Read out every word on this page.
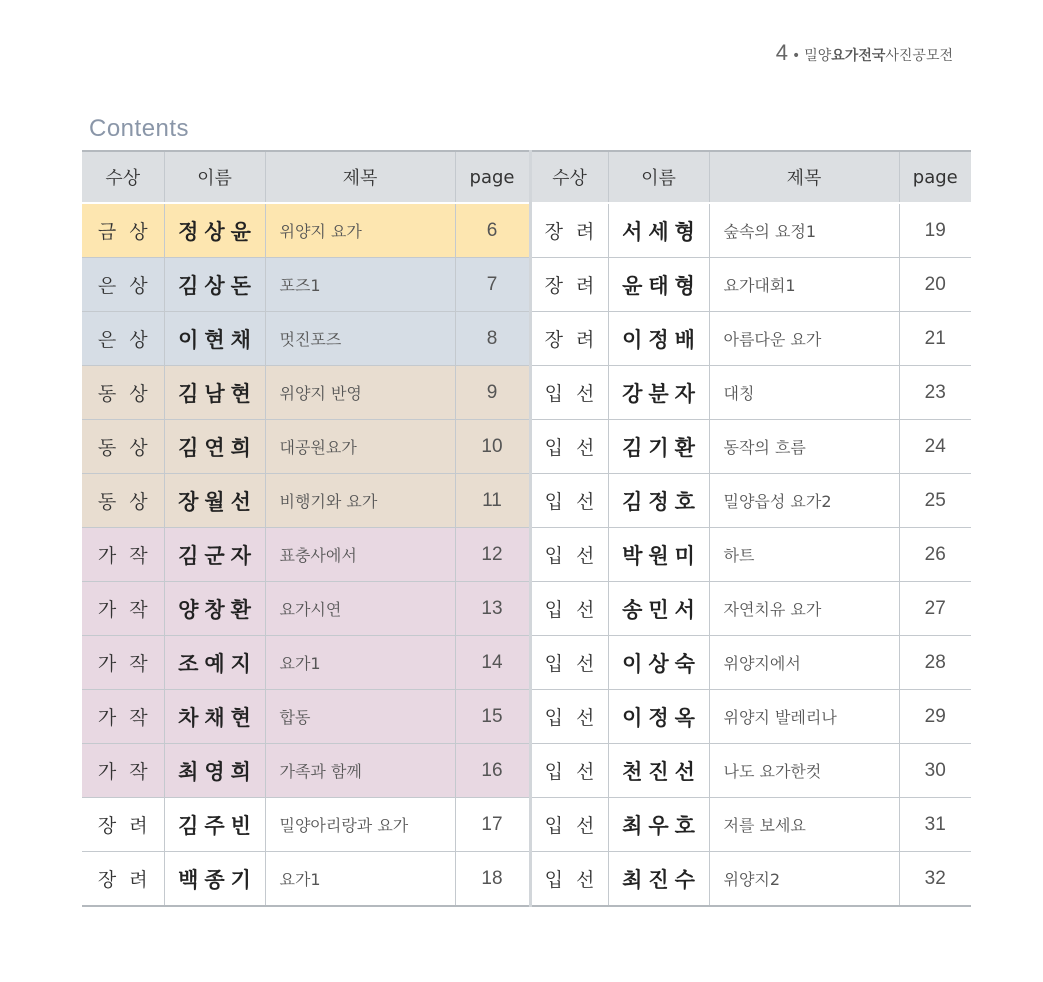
4 • 밀양요가전국사진공모전
Contents
수상	이름	제목	page	수상	이름	제목	page
금상	정상윤	위양지 요가	6	장려	서세형	숲속의 요정1	19
은상	김상돈	포즈1	7	장려	윤태형	요가대회1	20
은상	이현채	멋진포즈	8	장려	이정배	아름다운 요가	21
동상	김남현	위양지 반영	9	입선	강분자	대칭	23
동상	김연희	대공원요가	10	입선	김기환	동작의 흐름	24
동상	장월선	비행기와 요가	11	입선	김정호	밀양읍성 요가2	25
가작	김군자	표충사에서	12	입선	박원미	하트	26
가작	양창환	요가시연	13	입선	송민서	자연치유 요가	27
가작	조예지	요가1	14	입선	이상숙	위양지에서	28
가작	차채현	합동	15	입선	이정옥	위양지 발레리나	29
가작	최영희	가족과 함께	16	입선	천진선	나도 요가한컷	30
장려	김주빈	밀양아리랑과 요가	17	입선	최우호	저를 보세요	31
장려	백종기	요가1	18	입선	최진수	위양지2	32
